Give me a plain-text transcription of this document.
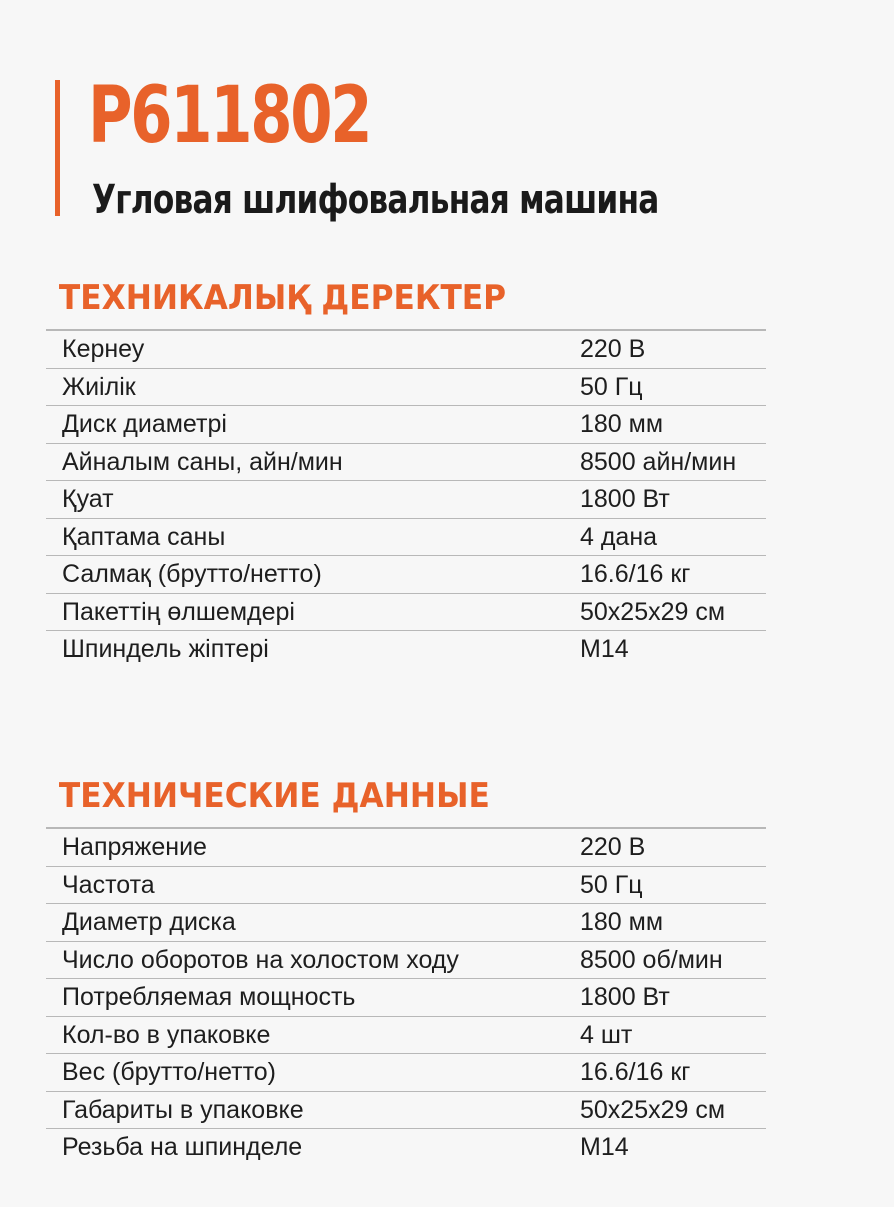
P611802
Угловая шлифовальная машина
ТЕХНИКАЛЫҚ ДЕРЕКТЕР
Кернеу	220 В
Жиілік	50 Гц
Диск диаметрі	180 мм
Айналым саны, айн/мин	8500 айн/мин
Қуат	1800 Вт
Қаптама саны	4 дана
Салмақ (брутто/нетто)	16.6/16 кг
Пакеттің өлшемдері	50x25x29 см
Шпиндель жіптері	M14
ТЕХНИЧЕСКИЕ ДАННЫЕ
Напряжение	220 В
Частота	50 Гц
Диаметр диска	180 мм
Число оборотов на холостом ходу	8500 об/мин
Потребляемая мощность	1800 Вт
Кол-во в упаковке	4 шт
Вес (брутто/нетто)	16.6/16 кг
Габариты в упаковке	50x25x29 см
Резьба на шпинделе	M14
